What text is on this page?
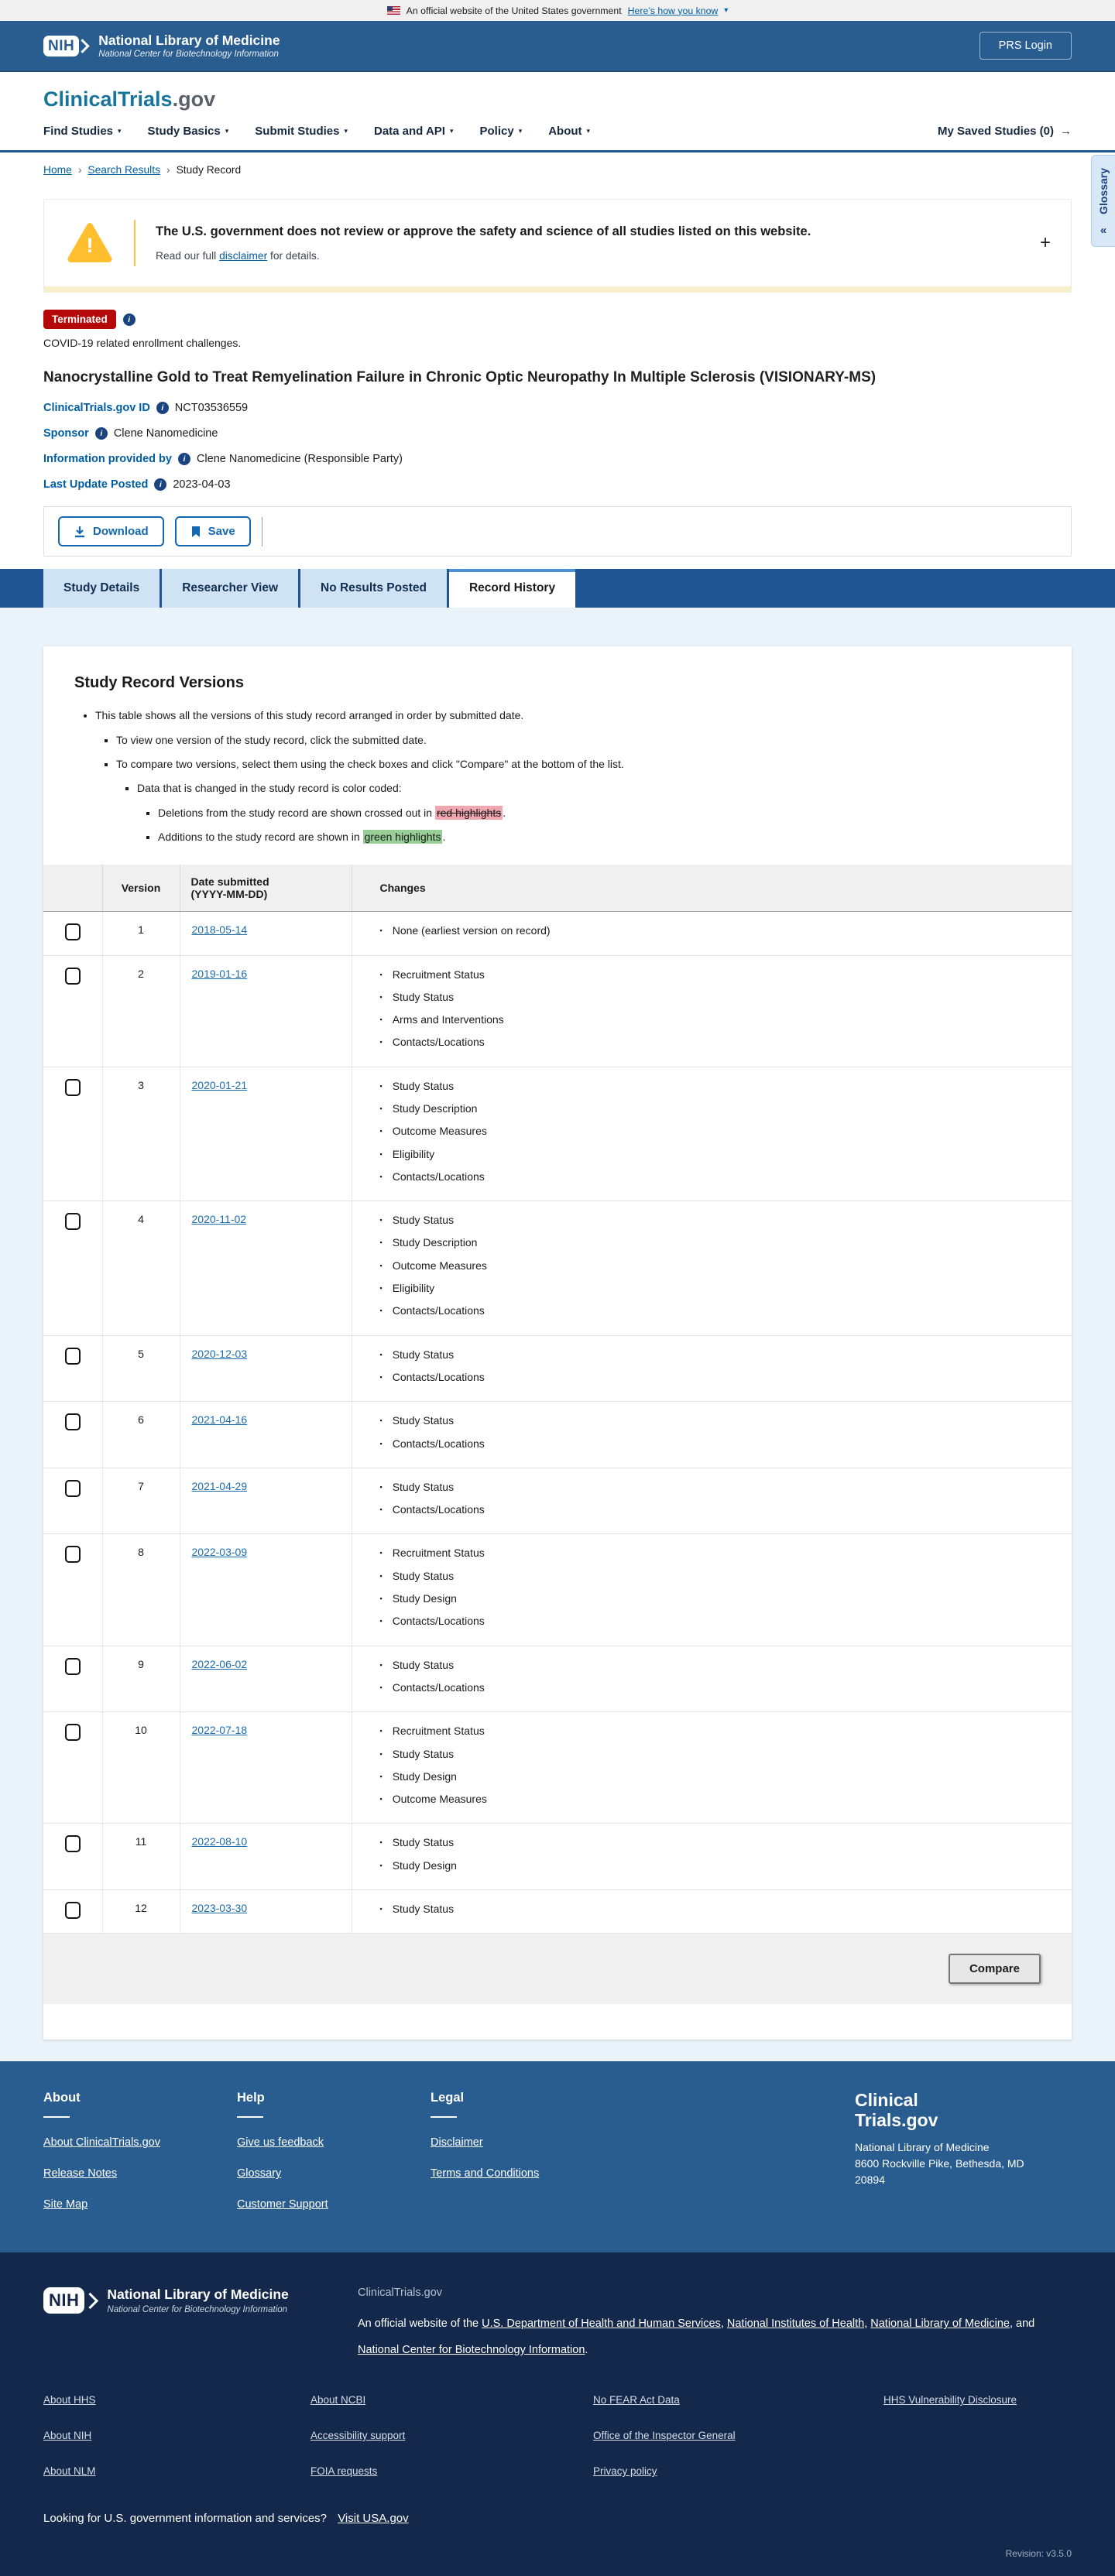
An official website of the United States government Here’s how you know ▾
NIH	National Library of Medicine
National Center for Biotechnology Information
PRS Login
ClinicalTrials.gov
Find Studies ▾ Study Basics ▾ Submit Studies ▾ Data and API ▾ Policy ▾ About ▾	My Saved Studies (0) →
Home › Search Results › Study Record	Glossary
«
!
The U.S. government does not review or approve the safety and science of all studies listed on this website.
Read our full disclaimer for details.
+
Terminated	i
COVID-19 related enrollment challenges.
Nanocrystalline Gold to Treat Remyelination Failure in Chronic Optic Neuropathy In Multiple Sclerosis (VISIONARY-MS)
ClinicalTrials.gov ID	i	NCT03536559
Sponsor	i	Clene Nanomedicine
Information provided by	i	Clene Nanomedicine (Responsible Party)
Last Update Posted	i	2023-04-03
Download	Save
Study Details	Researcher View	No Results Posted	Record History
Study Record Versions
• This table shows all the versions of this study record arranged in order by submitted date.
▪ To view one version of the study record, click the submitted date.
▪ To compare two versions, select them using the check boxes and click "Compare" at the bottom of the list.
▪ Data that is changed in the study record is color coded:
▪ Deletions from the study record are shown crossed out in red highlights .
▪ Additions to the study record are shown in green highlights .
	Version	Date submitted
(YYYY-MM-DD)	Changes
	1	2018-05-14	
▪None (earliest version on record)

	2	2019-01-16	
▪Recruitment Status
▪ Study Status
▪ Arms and Interventions
▪ Contacts/Locations

	3	2020-01-21	
▪Study Status
▪ Study Description
▪ Outcome Measures
▪ Eligibility
▪ Contacts/Locations

	4	2020-11-02	
▪Study Status
▪ Study Description
▪ Outcome Measures
▪ Eligibility
▪ Contacts/Locations

	5	2020-12-03	
▪Study Status
▪ Contacts/Locations

	6	2021-04-16	
▪Study Status
▪ Contacts/Locations

	7	2021-04-29	
▪Study Status
▪ Contacts/Locations

	8	2022-03-09	
▪Recruitment Status
▪ Study Status
▪ Study Design
▪ Contacts/Locations

	9	2022-06-02	
▪Study Status
▪ Contacts/Locations

	10	2022-07-18	
▪Recruitment Status
▪ Study Status
▪ Study Design
▪ Outcome Measures

	11	2022-08-10	
▪Study Status
▪ Study Design

	12	2023-03-30	
▪Study Status

Compare			
About
About ClinicalTrials.gov
Release Notes
Site Map
Help
Give us feedback
Glossary
Customer Support
Legal
Disclaimer
Terms and Conditions
Clinical
Trials.gov
National Library of Medicine
8600 Rockville Pike, Bethesda, MD
20894
NIH	National Library of Medicine
National Center for Biotechnology Information
ClinicalTrials.gov
An official website of the U.S. Department of Health and Human Services, National Institutes of Health, National Library of Medicine, and National Center for Biotechnology Information.
About HHS
About NIH
About NLM
About NCBI
Accessibility support
FOIA requests
No FEAR Act Data
Office of the Inspector General
Privacy policy
HHS Vulnerability Disclosure
Looking for U.S. government information and services? Visit USA.gov
Revision: v3.5.0
